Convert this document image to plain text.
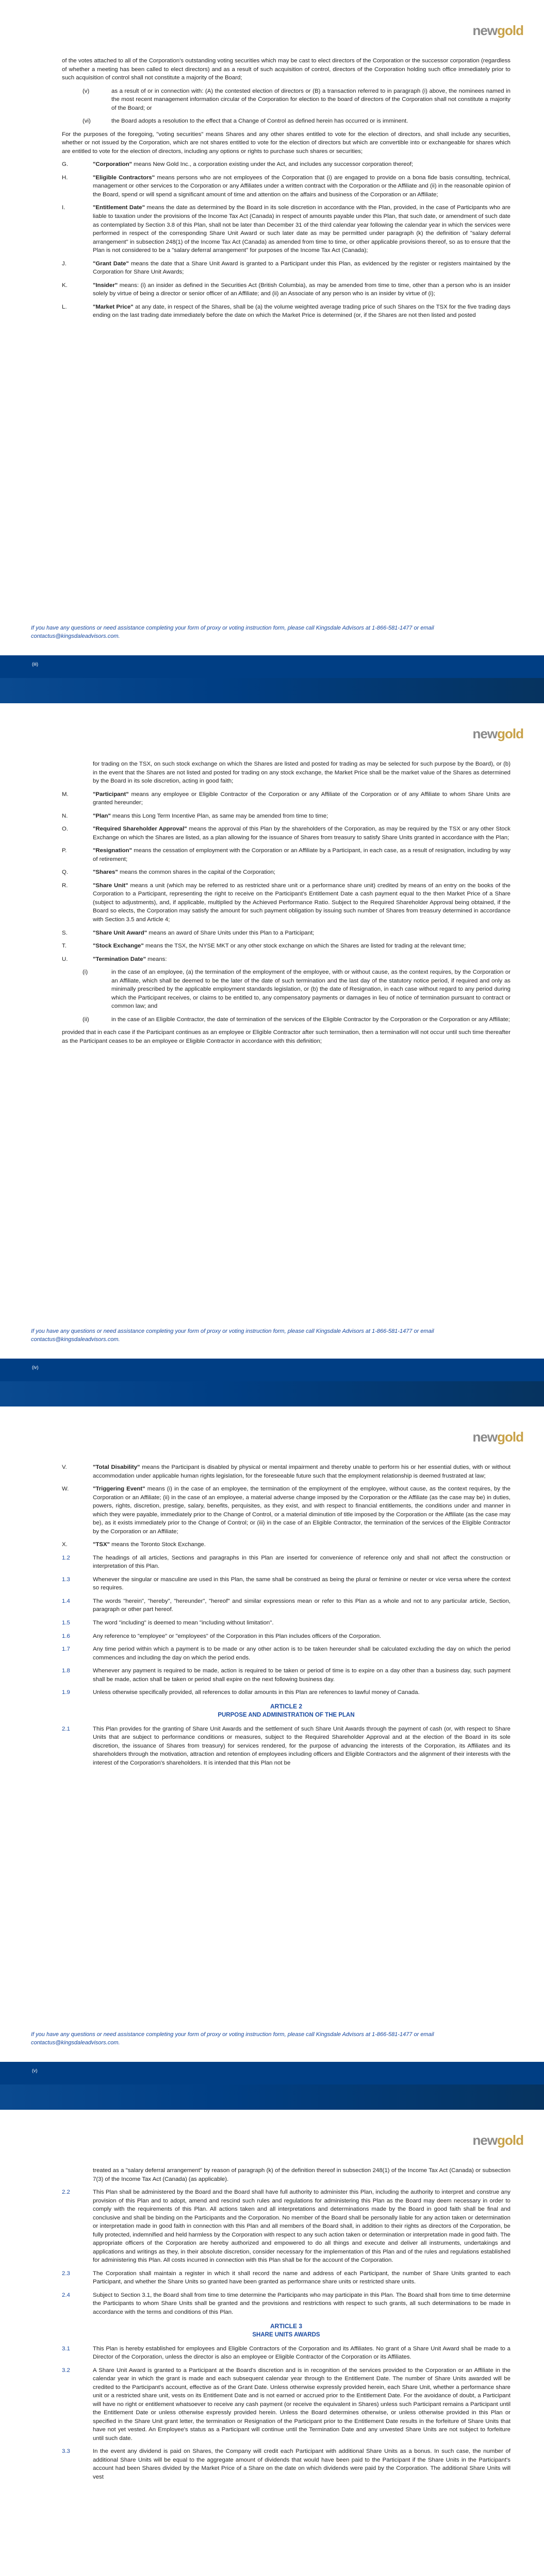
newgold

of the votes attached to all of the Corporation's outstanding voting securities which may be cast to elect directors of the Corporation or the successor corporation (regardless of whether a meeting has been called to elect directors) and as a result of such acquisition of control, directors of the Corporation holding such office immediately prior to such acquisition of control shall not constitute a majority of the Board;

(v)	as a result of or in connection with: (A) the contested election of directors or (B) a transaction referred to in paragraph (i) above, the nominees named in the most recent management information circular of the Corporation for election to the board of directors of the Corporation shall not constitute a majority of the Board; or
(vi)	the Board adopts a resolution to the effect that a Change of Control as defined herein has occurred or is imminent.

For the purposes of the foregoing, "voting securities" means Shares and any other shares entitled to vote for the election of directors, and shall include any securities, whether or not issued by the Corporation, which are not shares entitled to vote for the election of directors but which are convertible into or exchangeable for shares which are entitled to vote for the election of directors, including any options or rights to purchase such shares or securities;

G.	"Corporation" means New Gold Inc., a corporation existing under the Act, and includes any successor corporation thereof;
H.	"Eligible Contractors" means persons who are not employees of the Corporation that (i) are engaged to provide on a bona fide basis consulting, technical, management or other services to the Corporation or any Affiliates under a written contract with the Corporation or the Affiliate and (ii) in the reasonable opinion of the Board, spend or will spend a significant amount of time and attention on the affairs and business of the Corporation or an Affiliate;
I.	"Entitlement Date" means the date as determined by the Board in its sole discretion in accordance with the Plan, provided, in the case of Participants who are liable to taxation under the provisions of the Income Tax Act (Canada) in respect of amounts payable under this Plan, that such date, or amendment of such date as contemplated by Section 3.8 of this Plan, shall not be later than December 31 of the third calendar year following the calendar year in which the services were performed in respect of the corresponding Share Unit Award or such later date as may be permitted under paragraph (k) the definition of "salary deferral arrangement" in subsection 248(1) of the Income Tax Act (Canada) as amended from time to time, or other applicable provisions thereof, so as to ensure that the Plan is not considered to be a "salary deferral arrangement" for purposes of the Income Tax Act (Canada);
J.	"Grant Date" means the date that a Share Unit Award is granted to a Participant under this Plan, as evidenced by the register or registers maintained by the Corporation for Share Unit Awards;
K.	"Insider" means: (i) an insider as defined in the Securities Act (British Columbia), as may be amended from time to time, other than a person who is an insider solely by virtue of being a director or senior officer of an Affiliate; and (ii) an Associate of any person who is an insider by virtue of (i);
L.	"Market Price" at any date, in respect of the Shares, shall be (a) the volume weighted average trading price of such Shares on the TSX for the five trading days ending on the last trading date immediately before the date on which the Market Price is determined (or, if the Shares are not then listed and posted
If you have any questions or need assistance completing your form of proxy or voting instruction form, please call Kingsdale Advisors at 1-866-581-1477 or email contactus@kingsdaleadvisors.com.
(iii)
newgold

for trading on the TSX, on such stock exchange on which the Shares are listed and posted for trading as may be selected for such purpose by the Board), or (b) in the event that the Shares are not listed and posted for trading on any stock exchange, the Market Price shall be the market value of the Shares as determined by the Board in its sole discretion, acting in good faith;

M.	"Participant" means any employee or Eligible Contractor of the Corporation or any Affiliate of the Corporation or of any Affiliate to whom Share Units are granted hereunder;
N.	"Plan" means this Long Term Incentive Plan, as same may be amended from time to time;
O.	"Required Shareholder Approval" means the approval of this Plan by the shareholders of the Corporation, as may be required by the TSX or any other Stock Exchange on which the Shares are listed, as a plan allowing for the issuance of Shares from treasury to satisfy Share Units granted in accordance with the Plan;
P.	"Resignation" means the cessation of employment with the Corporation or an Affiliate by a Participant, in each case, as a result of resignation, including by way of retirement;
Q.	"Shares" means the common shares in the capital of the Corporation;
R.	"Share Unit" means a unit (which may be referred to as restricted share unit or a performance share unit) credited by means of an entry on the books of the Corporation to a Participant, representing the right to receive on the Participant's Entitlement Date a cash payment equal to the then Market Price of a Share (subject to adjustments), and, if applicable, multiplied by the Achieved Performance Ratio. Subject to the Required Shareholder Approval being obtained, if the Board so elects, the Corporation may satisfy the amount for such payment obligation by issuing such number of Shares from treasury determined in accordance with Section 3.5 and Article 4;
S.	"Share Unit Award" means an award of Share Units under this Plan to a Participant;
T.	"Stock Exchange" means the TSX, the NYSE MKT or any other stock exchange on which the Shares are listed for trading at the relevant time;
U.	"Termination Date" means:
(i)	in the case of an employee, (a) the termination of the employment of the employee, with or without cause, as the context requires, by the Corporation or an Affiliate, which shall be deemed to be the later of the date of such termination and the last day of the statutory notice period, if required and only as minimally prescribed by the applicable employment standards legislation, or (b) the date of Resignation, in each case without regard to any period during which the Participant receives, or claims to be entitled to, any compensatory payments or damages in lieu of notice of termination pursuant to contract or common law; and
(ii)	in the case of an Eligible Contractor, the date of termination of the services of the Eligible Contractor by the Corporation or the Corporation or any Affiliate;

provided that in each case if the Participant continues as an employee or Eligible Contractor after such termination, then a termination will not occur until such time thereafter as the Participant ceases to be an employee or Eligible Contractor in accordance with this definition;

If you have any questions or need assistance completing your form of proxy or voting instruction form, please call Kingsdale Advisors at 1-866-581-1477 or email contactus@kingsdaleadvisors.com.
(iv)
newgold
V.	"Total Disability" means the Participant is disabled by physical or mental impairment and thereby unable to perform his or her essential duties, with or without accommodation under applicable human rights legislation, for the foreseeable future such that the employment relationship is deemed frustrated at law;
W.	"Triggering Event" means (i) in the case of an employee, the termination of the employment of the employee, without cause, as the context requires, by the Corporation or an Affiliate; (ii) in the case of an employee, a material adverse change imposed by the Corporation or the Affiliate (as the case may be) in duties, powers, rights, discretion, prestige, salary, benefits, perquisites, as they exist, and with respect to financial entitlements, the conditions under and manner in which they were payable, immediately prior to the Change of Control, or a material diminution of title imposed by the Corporation or the Affiliate (as the case may be), as it exists immediately prior to the Change of Control; or (iii) in the case of an Eligible Contractor, the termination of the services of the Eligible Contractor by the Corporation or an Affiliate;
X.	"TSX" means the Toronto Stock Exchange.
1.2	The headings of all articles, Sections and paragraphs in this Plan are inserted for convenience of reference only and shall not affect the construction or interpretation of this Plan.
1.3	Whenever the singular or masculine are used in this Plan, the same shall be construed as being the plural or feminine or neuter or vice versa where the context so requires.
1.4	The words "herein", "hereby", "hereunder", "hereof" and similar expressions mean or refer to this Plan as a whole and not to any particular article, Section, paragraph or other part hereof.
1.5	The word "including" is deemed to mean "including without limitation".
1.6	Any reference to "employee" or "employees" of the Corporation in this Plan includes officers of the Corporation.
1.7	Any time period within which a payment is to be made or any other action is to be taken hereunder shall be calculated excluding the day on which the period commences and including the day on which the period ends.
1.8	Whenever any payment is required to be made, action is required to be taken or period of time is to expire on a day other than a business day, such payment shall be made, action shall be taken or period shall expire on the next following business day.
1.9	Unless otherwise specifically provided, all references to dollar amounts in this Plan are references to lawful money of Canada.
ARTICLE 2
PURPOSE AND ADMINISTRATION OF THE PLAN
2.1	This Plan provides for the granting of Share Unit Awards and the settlement of such Share Unit Awards through the payment of cash (or, with respect to Share Units that are subject to performance conditions or measures, subject to the Required Shareholder Approval and at the election of the Board in its sole discretion, the issuance of Shares from treasury) for services rendered, for the purpose of advancing the interests of the Corporation, its Affiliates and its shareholders through the motivation, attraction and retention of employees including officers and Eligible Contractors and the alignment of their interests with the interest of the Corporation's shareholders. It is intended that this Plan not be
If you have any questions or need assistance completing your form of proxy or voting instruction form, please call Kingsdale Advisors at 1-866-581-1477 or email contactus@kingsdaleadvisors.com.
(v)
newgold

treated as a "salary deferral arrangement" by reason of paragraph (k) of the definition thereof in subsection 248(1) of the Income Tax Act (Canada) or subsection 7(3) of the Income Tax Act (Canada) (as applicable).

2.2	This Plan shall be administered by the Board and the Board shall have full authority to administer this Plan, including the authority to interpret and construe any provision of this Plan and to adopt, amend and rescind such rules and regulations for administering this Plan as the Board may deem necessary in order to comply with the requirements of this Plan. All actions taken and all interpretations and determinations made by the Board in good faith shall be final and conclusive and shall be binding on the Participants and the Corporation. No member of the Board shall be personally liable for any action taken or determination or interpretation made in good faith in connection with this Plan and all members of the Board shall, in addition to their rights as directors of the Corporation, be fully protected, indemnified and held harmless by the Corporation with respect to any such action taken or determination or interpretation made in good faith. The appropriate officers of the Corporation are hereby authorized and empowered to do all things and execute and deliver all instruments, undertakings and applications and writings as they, in their absolute discretion, consider necessary for the implementation of this Plan and of the rules and regulations established for administering this Plan. All costs incurred in connection with this Plan shall be for the account of the Corporation.
2.3	The Corporation shall maintain a register in which it shall record the name and address of each Participant, the number of Share Units granted to each Participant, and whether the Share Units so granted have been granted as performance share units or restricted share units.
2.4	Subject to Section 3.1, the Board shall from time to time determine the Participants who may participate in this Plan. The Board shall from time to time determine the Participants to whom Share Units shall be granted and the provisions and restrictions with respect to such grants, all such determinations to be made in accordance with the terms and conditions of this Plan.
ARTICLE 3
SHARE UNITS AWARDS
3.1	This Plan is hereby established for employees and Eligible Contractors of the Corporation and its Affiliates. No grant of a Share Unit Award shall be made to a Director of the Corporation, unless the director is also an employee or Eligible Contractor of the Corporation or its Affiliates.
3.2	A Share Unit Award is granted to a Participant at the Board's discretion and is in recognition of the services provided to the Corporation or an Affiliate in the calendar year in which the grant is made and each subsequent calendar year through to the Entitlement Date. The number of Share Units awarded will be credited to the Participant's account, effective as of the Grant Date. Unless otherwise expressly provided herein, each Share Unit, whether a performance share unit or a restricted share unit, vests on its Entitlement Date and is not earned or accrued prior to the Entitlement Date. For the avoidance of doubt, a Participant will have no right or entitlement whatsoever to receive any cash payment (or receive the equivalent in Shares) unless such Participant remains a Participant until the Entitlement Date or unless otherwise expressly provided herein. Unless the Board determines otherwise, or unless otherwise provided in this Plan or specified in the Share Unit grant letter, the termination or Resignation of the Participant prior to the Entitlement Date results in the forfeiture of Share Units that have not yet vested. An Employee's status as a Participant will continue until the Termination Date and any unvested Share Units are not subject to forfeiture until such date.
3.3	In the event any dividend is paid on Shares, the Company will credit each Participant with additional Share Units as a bonus. In such case, the number of additional Share Units will be equal to the aggregate amount of dividends that would have been paid to the Participant if the Share Units in the Participant's account had been Shares divided by the Market Price of a Share on the date on which dividends were paid by the Corporation. The additional Share Units will vest
